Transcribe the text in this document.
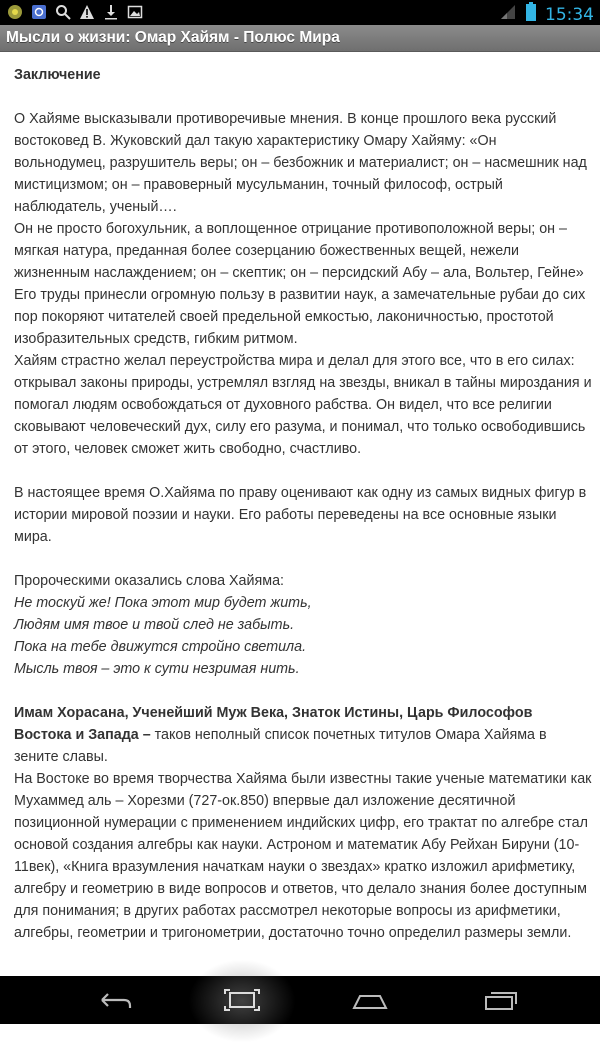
15:34
Мысли о жизни: Омар Хайям - Полюс Мира

Заключение

О Хайяме высказывали противоречивые мнения. В конце прошлого века русский востоковед В. Жуковский дал такую характеристику Омару Хайяму: «Он вольнодумец, разрушитель веры; он – безбожник и материалист; он – насмешник над мистицизмом; он – правоверный мусульманин, точный философ, острый наблюдатель, ученый….

Он не просто богохульник, а воплощенное отрицание противоположной веры; он – мягкая натура, преданная более созерцанию божественных вещей, нежели жизненным наслаждением; он – скептик; он – персидский Абу – ала, Вольтер, Гейне»

Его труды принесли огромную пользу в развитии наук, а замечательные рубаи до сих пор покоряют читателей своей предельной емкостью, лаконичностью, простотой изобразительных средств, гибким ритмом.

Хайям страстно желал переустройства мира и делал для этого все, что в его силах: открывал законы природы, устремлял взгляд на звезды, вникал в тайны мироздания и помогал людям освобождаться от духовного рабства. Он видел, что все религии сковывают человеческий дух, силу его разума, и понимал, что только освободившись от этого, человек сможет жить свободно, счастливо.

В настоящее время О.Хайяма по праву оценивают как одну из самых видных фигур в истории мировой поэзии и науки. Его работы переведены на все основные языки мира.

Пророческими оказались слова Хайяма:

Не тоскуй же! Пока этот мир будет жить,

Людям имя твое и твой след не забыть.

Пока на тебе движутся стройно светила.

Мысль твоя – это к сути незримая нить.

Имам Хорасана, Ученейший Муж Века, Знаток Истины, Царь Философов Востока и Запада – таков неполный список почетных титулов Омара Хайяма в зените славы.

На Востоке во время творчества Хайяма были известны такие ученые математики как Мухаммед аль – Хорезми (727-ок.850) впервые дал изложение десятичной позиционной нумерации с применением индийских цифр, его трактат по алгебре стал основой создания алгебры как науки. Астроном и математик Абу Рейхан Бируни (10-11век), «Книга вразумления начаткам науки о звездах» кратко изложил арифметику, алгебру и геометрию в виде вопросов и ответов, что делало знания более доступным для понимания; в других работах рассмотрел некоторые вопросы из арифметики, алгебры, геометрии и тригонометрии, достаточно точно определил размеры земли.
